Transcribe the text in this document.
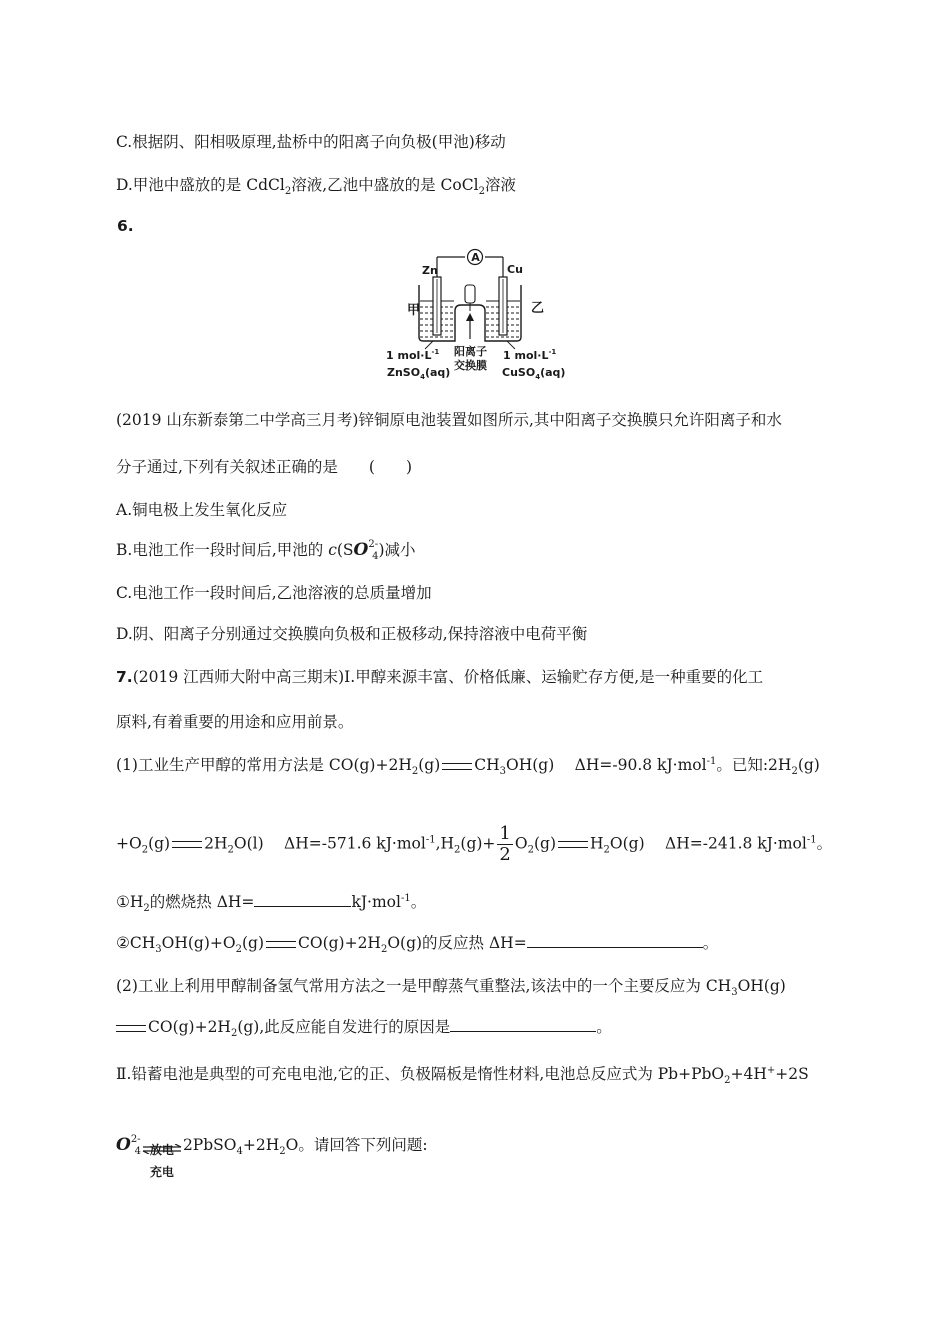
C.根据阴、阳相吸原理,盐桥中的阳离子向负极(甲池)移动
D.甲池中盛放的是 CdCl$_2$溶液,乙池中盛放的是 CoCl$_2$溶液
6.
A
Zn	Cu
甲	乙
1 $mol\cdot L^{-1}$
ZnSO$_4$(aq)
阳离子
交换膜
1 $mol\cdot L^{-1}$
CuSO$_4$(aq)
(2019 山东新泰第二中学高三月考)锌铜原电池装置如图所示,其中阳离子交换膜只允许阳离子和水
分子通过,下列有关叙述正确的是　　(　　)
A.铜电极上发生氧化反应
B.电池工作一段时间后,甲池的 $c(SO^{2-}_4)$减小
C.电池工作一段时间后,乙池溶液的总质量增加
D.阴、阳离子分别通过交换膜向负极和正极移动,保持溶液中电荷平衡
7.(2019 江西师大附中高三期末)Ⅰ.甲醇来源丰富、价格低廉、运输贮存方便,是一种重要的化工
原料,有着重要的用途和应用前景。
(1)工业生产甲醇的常用方法是 $CO(g)+2H_2(g)$ $CH_3OH(g)$　 ΔH=-90.8 kJ·mol$^{-1}$。已知$:2H_2(g)$
$+O_2(g)$ $2H_2O(l)$　 ΔH=-571.6 $kJ\cdot mol^{-1},H_2(g)+ \frac{1}{2} O_2(g)$ $H_2O(g)$　 ΔH=-241.8 kJ·mol$^{-1}$。
$①H_2$的燃烧热 ΔH=	kJ·mol$^{-1}$。
$②CH_3OH(g)+O_2(g)$ $CO(g)+2H_2O(g)$的反应热 ΔH=	。
(2)工业上利用甲醇制备氢气常用方法之一是甲醇蒸气重整法,该法中的一个主要反应为 $CH_3OH(g)$
$CO(g)+2H_2(g)$,此反应能自发进行的原因是	。
Ⅱ.铅蓄电池是典型的可充电电池,它的正、负极隔板是惰性材料,电池总反应式为 Pb+PbO$_2$+4H++2S
$O^{2-}_4$ 放电
充电
$2PbSO_4+2H_2O$。请回答下列问题:
